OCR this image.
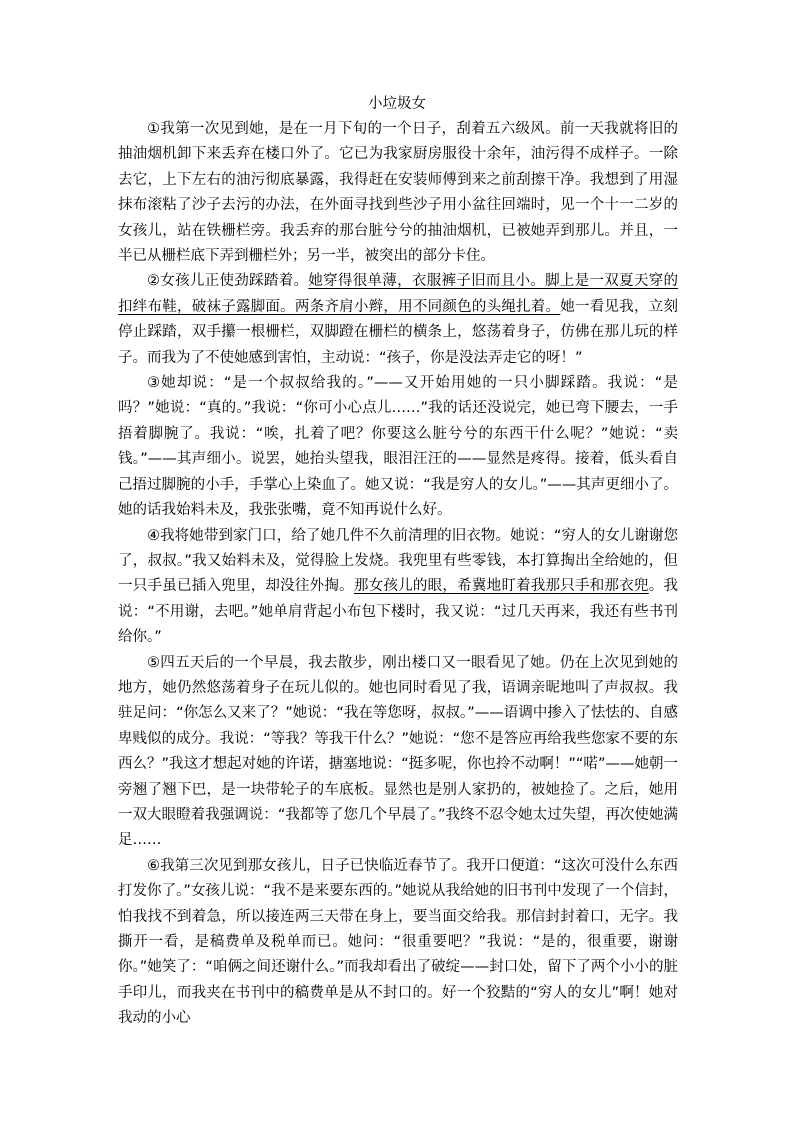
小垃圾女

①我第一次见到她，是在一月下旬的一个日子，刮着五六级风。前一天我就将旧的抽油烟机卸下来丢弃在楼口外了。它已为我家厨房服役十余年，油污得不成样子。一除去它，上下左右的油污彻底暴露，我得赶在安装师傅到来之前刮擦干净。我想到了用湿抹布滚粘了沙子去污的办法，在外面寻找到些沙子用小盆往回端时，见一个十一二岁的女孩儿，站在铁栅栏旁。我丢弃的那台脏兮兮的抽油烟机，已被她弄到那儿。并且，一半已从栅栏底下弄到栅栏外；另一半，被突出的部分卡住。

②女孩儿正使劲踩踏着。她穿得很单薄，衣服裤子旧而且小。脚上是一双夏天穿的扣绊布鞋，破袜子露脚面。两条齐肩小辫，用不同颜色的头绳扎着。她一看见我，立刻停止踩踏，双手攥一根栅栏，双脚蹬在栅栏的横条上，悠荡着身子，仿佛在那儿玩的样子。而我为了不使她感到害怕，主动说：“孩子，你是没法弄走它的呀！”

③她却说：“是一个叔叔给我的。”——又开始用她的一只小脚踩踏。我说：“是吗？”她说：“真的。”我说：“你可小心点儿……”我的话还没说完，她已弯下腰去，一手捂着脚腕了。我说：“唉，扎着了吧？你要这么脏兮兮的东西干什么呢？”她说：“卖钱。”——其声细小。说罢，她抬头望我，眼泪汪汪的——显然是疼得。接着，低头看自己捂过脚腕的小手，手掌心上染血了。她又说：“我是穷人的女儿。”——其声更细小了。她的话我始料未及，我张张嘴，竟不知再说什么好。

④我将她带到家门口，给了她几件不久前清理的旧衣物。她说：“穷人的女儿谢谢您了，叔叔。”我又始料未及，觉得脸上发烧。我兜里有些零钱，本打算掏出全给她的，但一只手虽已插入兜里，却没往外掏。那女孩儿的眼，希冀地盯着我那只手和那衣兜。我说：“不用谢，去吧。”她单肩背起小布包下楼时，我又说：“过几天再来，我还有些书刊给你。”

⑤四五天后的一个早晨，我去散步，刚出楼口又一眼看见了她。仍在上次见到她的地方，她仍然悠荡着身子在玩儿似的。她也同时看见了我，语调亲昵地叫了声叔叔。我驻足问：“你怎么又来了？”她说：“我在等您呀，叔叔。”——语调中掺入了怯怯的、自感卑贱似的成分。我说：“等我？等我干什么？”她说：“您不是答应再给我些您家不要的东西么？”我这才想起对她的许诺，搪塞地说：“挺多呢，你也拎不动啊！”“喏”——她朝一旁翘了翘下巴，是一块带轮子的车底板。显然也是别人家扔的，被她捡了。之后，她用一双大眼瞪着我强调说：“我都等了您几个早晨了。”我终不忍令她太过失望，再次使她满足……

⑥我第三次见到那女孩儿，日子已快临近春节了。我开口便道：“这次可没什么东西打发你了。”女孩儿说：“我不是来要东西的。”她说从我给她的旧书刊中发现了一个信封，怕我找不到着急，所以接连两三天带在身上，要当面交给我。那信封封着口，无字。我撕开一看，是稿费单及税单而已。她问：“很重要吧？”我说：“是的，很重要，谢谢你。”她笑了：“咱俩之间还谢什么。”而我却看出了破绽——封口处，留下了两个小小的脏手印儿，而我夹在书刊中的稿费单是从不封口的。好一个狡黠的“穷人的女儿”啊！她对我动的小心
